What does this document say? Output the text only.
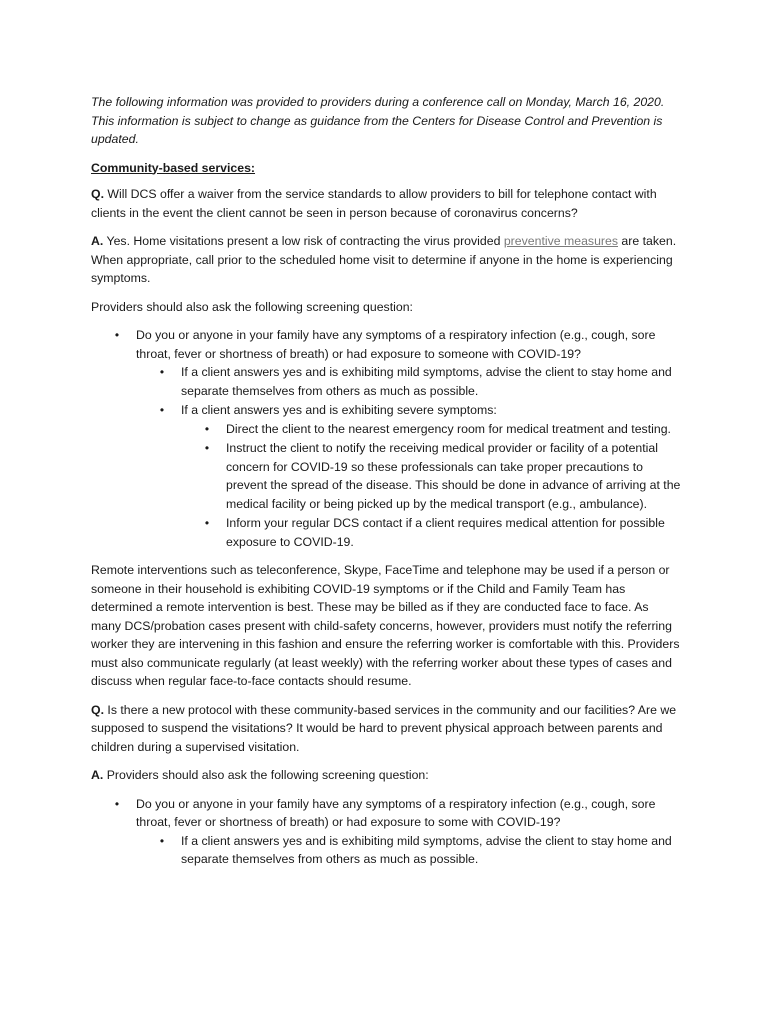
The following information was provided to providers during a conference call on Monday, March 16, 2020. This information is subject to change as guidance from the Centers for Disease Control and Prevention is updated.

Community-based services:

Q. Will DCS offer a waiver from the service standards to allow providers to bill for telephone contact with clients in the event the client cannot be seen in person because of coronavirus concerns?

A. Yes. Home visitations present a low risk of contracting the virus provided preventive measures are taken. When appropriate, call prior to the scheduled home visit to determine if anyone in the home is experiencing symptoms.

Providers should also ask the following screening question:

• Do you or anyone in your family have any symptoms of a respiratory infection (e.g., cough, sore throat, fever or shortness of breath) or had exposure to someone with COVID-19?
• If a client answers yes and is exhibiting mild symptoms, advise the client to stay home and separate themselves from others as much as possible.
• If a client answers yes and is exhibiting severe symptoms:
• Direct the client to the nearest emergency room for medical treatment and testing.
• Instruct the client to notify the receiving medical provider or facility of a potential concern for COVID-19 so these professionals can take proper precautions to prevent the spread of the disease. This should be done in advance of arriving at the medical facility or being picked up by the medical transport (e.g., ambulance).
• Inform your regular DCS contact if a client requires medical attention for possible exposure to COVID-19.

Remote interventions such as teleconference, Skype, FaceTime and telephone may be used if a person or someone in their household is exhibiting COVID-19 symptoms or if the Child and Family Team has determined a remote intervention is best. These may be billed as if they are conducted face to face. As many DCS/probation cases present with child-safety concerns, however, providers must notify the referring worker they are intervening in this fashion and ensure the referring worker is comfortable with this. Providers must also communicate regularly (at least weekly) with the referring worker about these types of cases and discuss when regular face-to-face contacts should resume.

Q. Is there a new protocol with these community-based services in the community and our facilities? Are we supposed to suspend the visitations? It would be hard to prevent physical approach between parents and children during a supervised visitation.

A. Providers should also ask the following screening question:

• Do you or anyone in your family have any symptoms of a respiratory infection (e.g., cough, sore throat, fever or shortness of breath) or had exposure to some with COVID-19?
• If a client answers yes and is exhibiting mild symptoms, advise the client to stay home and separate themselves from others as much as possible.
